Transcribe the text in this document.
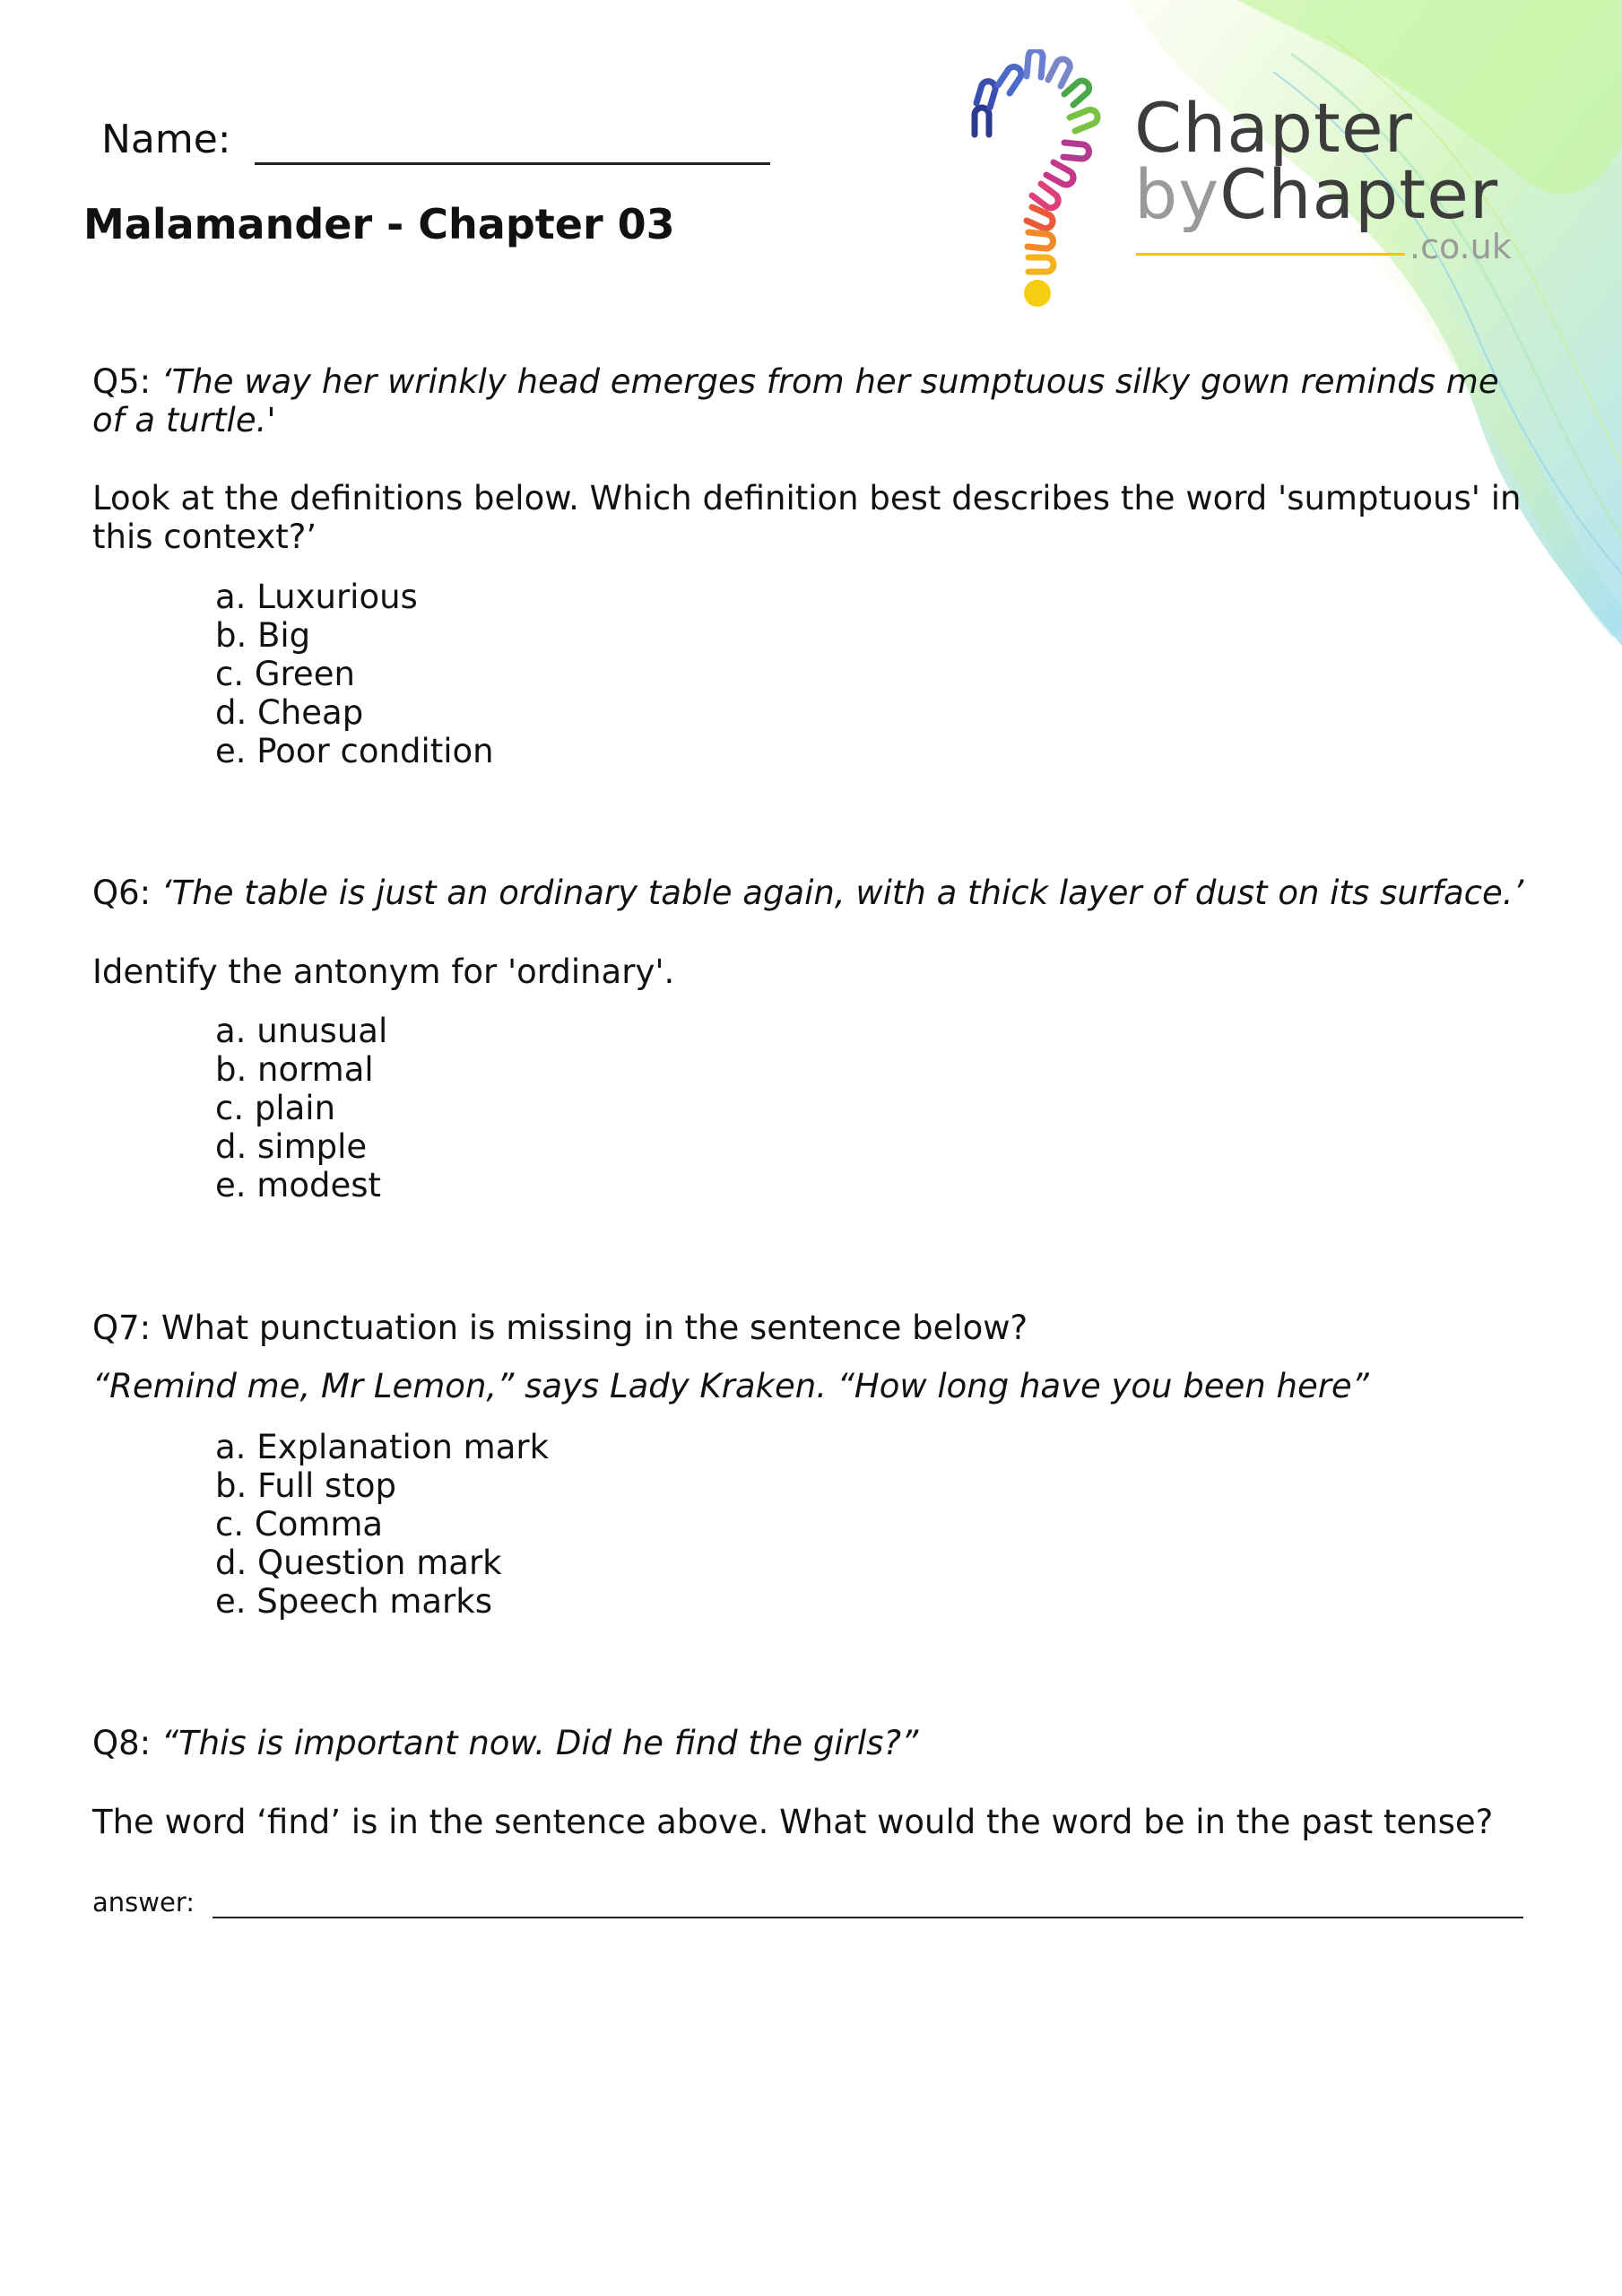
Chapter
byChapter
.co.uk
Name:
Malamander - Chapter 03
Q5: ‘The way her wrinkly head emerges from her sumptuous silky gown reminds me of a turtle.'
Look at the definitions below. Which definition best describes the word 'sumptuous' in this context?’
a. Luxurious
b. Big
c. Green
d. Cheap
e. Poor condition
Q6: ‘The table is just an ordinary table again, with a thick layer of dust on its surface.’
Identify the antonym for 'ordinary'.
a. unusual
b. normal
c. plain
d. simple
e. modest
Q7: What punctuation is missing in the sentence below?
“Remind me, Mr Lemon,” says Lady Kraken. “How long have you been here”
a. Explanation mark
b. Full stop
c. Comma
d. Question mark
e. Speech marks
Q8: “This is important now. Did he find the girls?”
The word ‘find’ is in the sentence above. What would the word be in the past tense?
answer:
